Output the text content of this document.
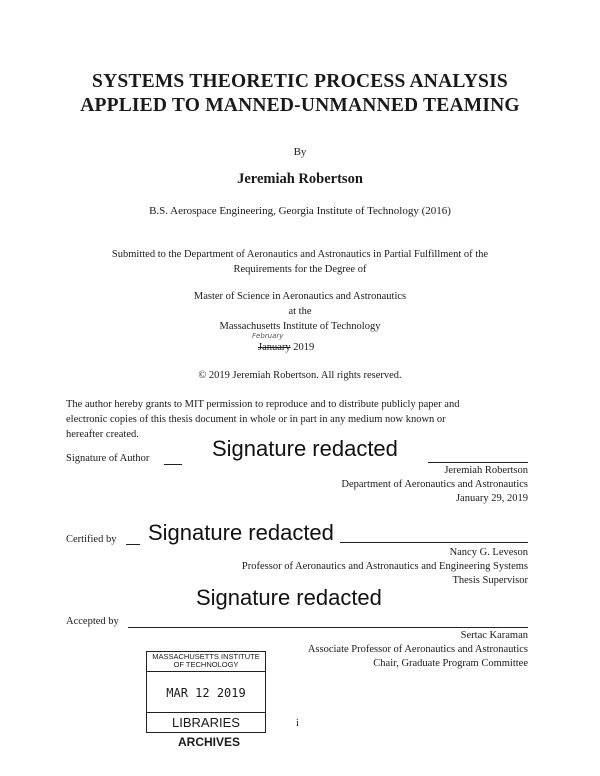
SYSTEMS THEORETIC PROCESS ANALYSIS
APPLIED TO MANNED-UNMANNED TEAMING
By
Jeremiah Robertson
B.S. Aerospace Engineering, Georgia Institute of Technology (2016)
Submitted to the Department of Aeronautics and Astronautics in Partial Fulfillment of the
Requirements for the Degree of
Master of Science in Aeronautics and Astronautics
at the
Massachusetts Institute of Technology
February
January 2019
© 2019 Jeremiah Robertson. All rights reserved.
The author hereby grants to MIT permission to reproduce and to distribute publicly paper and
electronic copies of this thesis document in whole or in part in any medium now known or
hereafter created.
Signature of Author	Signature redacted
Jeremiah Robertson
Department of Aeronautics and Astronautics
January 29, 2019
Certified by Signature redacted
Nancy G. Leveson
Professor of Aeronautics and Astronautics and Engineering Systems
Thesis Supervisor
Signature redacted
Accepted by
Sertac Karaman
Associate Professor of Aeronautics and Astronautics
Chair, Graduate Program Committee
MASSACHUSETTS INSTITUTE
OF TECHNOLOGY
MAR 12 2019
LIBRARIES
ARCHIVES
i
